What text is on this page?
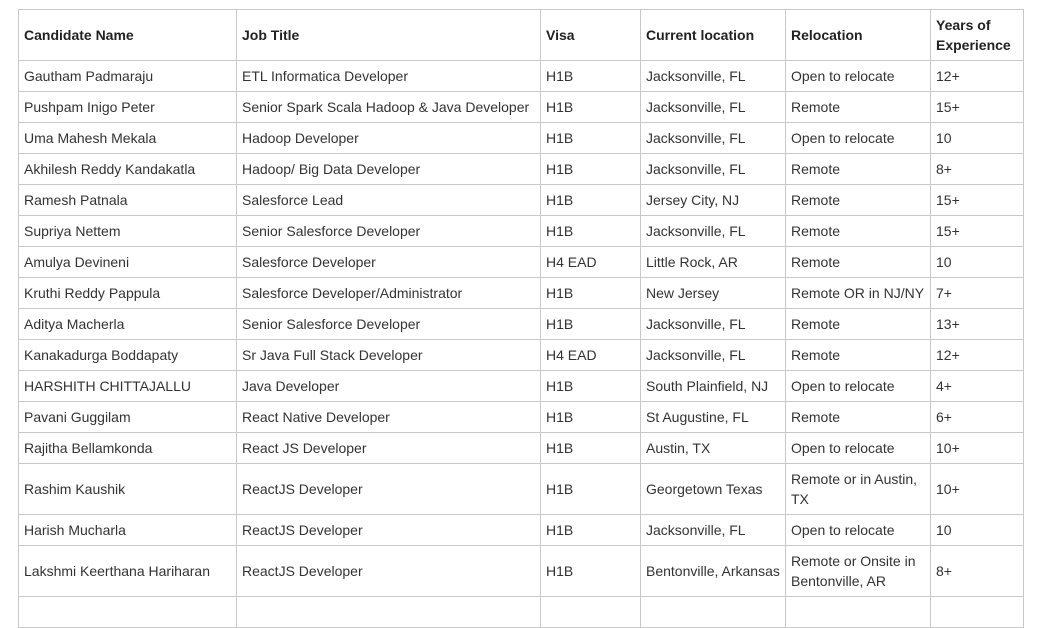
Candidate Name	Job Title	Visa	Current location	Relocation	Years of Experience
Gautham Padmaraju	ETL Informatica Developer	H1B	Jacksonville, FL	Open to relocate	12+
Pushpam Inigo Peter	Senior Spark Scala Hadoop & Java Developer	H1B	Jacksonville, FL	Remote	15+
Uma Mahesh Mekala	Hadoop Developer	H1B	Jacksonville, FL	Open to relocate	10
Akhilesh Reddy Kandakatla	Hadoop/ Big Data Developer	H1B	Jacksonville, FL	Remote	8+
Ramesh Patnala	Salesforce Lead	H1B	Jersey City, NJ	Remote	15+
Supriya Nettem	Senior Salesforce Developer	H1B	Jacksonville, FL	Remote	15+
Amulya Devineni	Salesforce Developer	H4 EAD	Little Rock, AR	Remote	10
Kruthi Reddy Pappula	Salesforce Developer/Administrator	H1B	New Jersey	Remote OR in NJ/NY	7+
Aditya Macherla	Senior Salesforce Developer	H1B	Jacksonville, FL	Remote	13+
Kanakadurga Boddapaty	Sr Java Full Stack Developer	H4 EAD	Jacksonville, FL	Remote	12+
HARSHITH CHITTAJALLU	Java Developer	H1B	South Plainfield, NJ	Open to relocate	4+
Pavani Guggilam	React Native Developer	H1B	St Augustine, FL	Remote	6+
Rajitha Bellamkonda	React JS Developer	H1B	Austin, TX	Open to relocate	10+
Rashim Kaushik	ReactJS Developer	H1B	Georgetown Texas	Remote or in Austin, TX	10+
Harish Mucharla	ReactJS Developer	H1B	Jacksonville, FL	Open to relocate	10
Lakshmi Keerthana Hariharan	ReactJS Developer	H1B	Bentonville, Arkansas	Remote or Onsite in Bentonville, AR	8+
